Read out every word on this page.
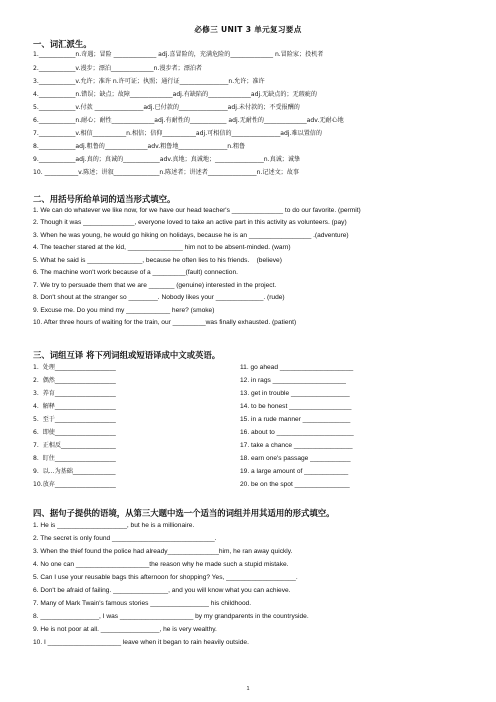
必修三 UNIT 3 单元复习要点
一、词汇派生。
1.____________n.奇遇；冒险 ______________ adj.喜冒险的，充满危险的______________ n.冒险家；投机者
2.____________v.漫步；漂泊______________n.漫步者；漂泊者
3.____________v.允许；准许 n.许可证；执照；通行证________________n.允许；准许
4.____________n.错误；缺点；故障______________adj.有缺陷的______________adj.无缺点的；无瑕疵的
5.____________v.付款 ________________adj.已付款的________________adj.未付款的；不受报酬的
6.____________n.耐心；耐性______________adj.有耐性的____________ adj.无耐性的______________adv.无耐心地
7.____________v.相信___________n.相信；信仰___________adj.可相信的________________adj.难以置信的
8.____________adj.粗鲁的______________adv.粗鲁地________________n.粗鲁
9.____________adj.真的；真诚的____________adv.真地；真诚地；________________n.真诚；诚挚
10. ___________v.陈述；讲叙_______________n.陈述者；讲述者________________n.记述文；故事
二、用括号所给单词的适当形式填空。
1. We can do whatever we like now, for we have our head teacher's ______________ to do our favorite. (permit)
2. Though it was ______________, everyone loved to take an active part in this activity as volunteers. (pay)
3. When he was young, he would go hiking on holidays, because he is an _________________ .(adventure)
4. The teacher stared at the kid, _______________ him not to be absent-minded. (warn)
5. What he said is _______________, because he often lies to his friends.    (believe)
6. The machine won't work because of a _________(fault) connection.
7. We try to persuade them that we are _______ (genuine) interested in the project.
8. Don't shout at the stranger so ________. Nobody likes your _____________. (rude)
9. Excuse me. Do you mind my ____________ here? (smoke)
10. After three hours of waiting for the train, our _________was finally exhausted. (patient)
三、词组互译 将下列词组或短语译成中文或英语。
1.  处理____________________
2.  偶然____________________
3.  养育____________________
4.  解释____________________
5.  至于____________________
6.  即使____________________
7.  正相反__________________
8.  盯住____________________
9.  以...为基础______________
10.放弃____________________
11. go ahead ____________________
12. in rags ____________________
13. get in trouble ________________
14. to be honest _________________
15. in a rude manner _____________
16. about to _____________________
17. take a chance ________________
18. earn one's passage ___________
19. a large amount of ____________
20. be on the spot _______________
四、据句子提供的语境，从第三大题中选一个适当的词组并用其适用的形式填空。
1. He is ___________________, but he is a millionaire.
2. The secret is only found ____________________________.
3. When the thief found the police had already______________him, he ran away quickly.
4. No one can ____________________the reason why he made such a stupid mistake.
5. Can I use your reusable bags this afternoon for shopping? Yes, ___________________.
6. Don't be afraid of failing. _______________, and you will know what you can achieve.
7. Many of Mark Twain's famous stories ________________ his childhood.
8. ________________, I was ____________________ by my grandparents in the countryside.
9. He is not poor at all. ________________, he is very wealthy.
10. I ____________________ leave when it began to rain heavily outside.
1
